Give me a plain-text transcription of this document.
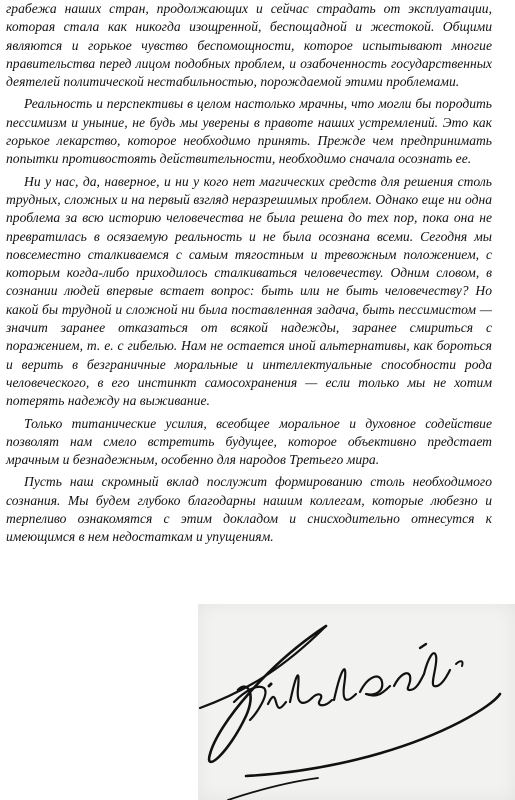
грабежа наших стран, продолжающих и сейчас страдать от эксплуатации, которая стала как никогда изощренной, беспощадной и жестокой. Общими являются и горькое чувство беспомощности, которое испытывают многие правительства перед лицом подобных проблем, и озабоченность государственных деятелей политической нестабильностью, порождаемой этими проблемами.

Реальность и перспективы в целом настолько мрачны, что могли бы породить пессимизм и уныние, не будь мы уверены в правоте наших устремлений. Это как горькое лекарство, которое необходимо принять. Прежде чем предпринимать попытки противостоять действительности, необходимо сначала осознать ее.

Ни у нас, да, наверное, и ни у кого нет магических средств для решения столь трудных, сложных и на первый взгляд неразрешимых проблем. Однако еще ни одна проблема за всю историю человечества не была решена до тех пор, пока она не превратилась в осязаемую реальность и не была осознана всеми. Сегодня мы повсеместно сталкиваемся с самым тягостным и тревожным положением, с которым когда-либо приходилось сталкиваться человечеству. Одним словом, в сознании людей впервые встает вопрос: быть или не быть человечеству? Но какой бы трудной и сложной ни была поставленная задача, быть пессимистом — значит заранее отказаться от всякой надежды, заранее смириться с поражением, т. е. с гибелью. Нам не остается иной альтернативы, как бороться и верить в безграничные моральные и интеллектуальные способности рода человеческого, в его инстинкт самосохранения — если только мы не хотим потерять надежду на выживание.

Только титанические усилия, всеобщее моральное и духовное содействие позволят нам смело встретить будущее, которое объективно предстает мрачным и безнадежным, особенно для народов Третьего мира.

Пусть наш скромный вклад послужит формированию столь необходимого сознания. Мы будем глубоко благодарны нашим коллегам, которые любезно и терпеливо ознакомятся с этим докладом и снисходительно отнесутся к имеющимся в нем недостаткам и упущениям.
